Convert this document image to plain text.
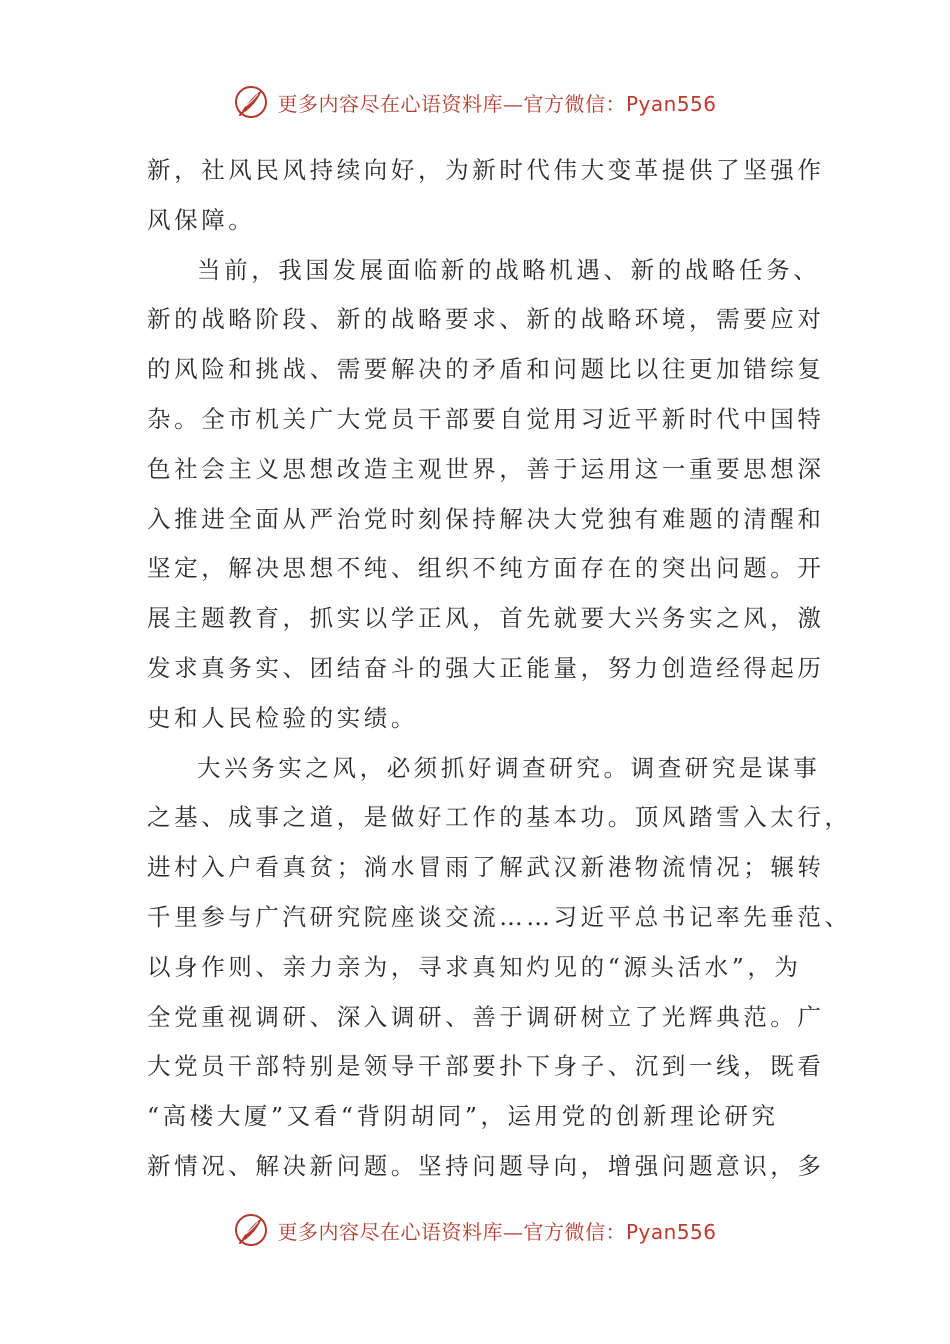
更多内容尽在心语资料库—官方微信：Pyan556
新，社风民风持续向好，为新时代伟大变革提供了坚强作
风保障。
当前，我国发展面临新的战略机遇、新的战略任务、
新的战略阶段、新的战略要求、新的战略环境，需要应对
的风险和挑战、需要解决的矛盾和问题比以往更加错综复
杂。全市机关广大党员干部要自觉用习近平新时代中国特
色社会主义思想改造主观世界，善于运用这一重要思想深
入推进全面从严治党时刻保持解决大党独有难题的清醒和
坚定，解决思想不纯、组织不纯方面存在的突出问题。开
展主题教育，抓实以学正风，首先就要大兴务实之风，激
发求真务实、团结奋斗的强大正能量，努力创造经得起历
史和人民检验的实绩。
大兴务实之风，必须抓好调查研究。调查研究是谋事
之基、成事之道，是做好工作的基本功。顶风踏雪入太行，
进村入户看真贫；淌水冒雨了解武汉新港物流情况；辗转
千里参与广汽研究院座谈交流……习近平总书记率先垂范、
以身作则、亲力亲为，寻求真知灼见的“源头活水”，为
全党重视调研、深入调研、善于调研树立了光辉典范。广
大党员干部特别是领导干部要扑下身子、沉到一线，既看
“高楼大厦”又看“背阴胡同”，运用党的创新理论研究
新情况、解决新问题。坚持问题导向，增强问题意识，多
更多内容尽在心语资料库—官方微信：Pyan556
